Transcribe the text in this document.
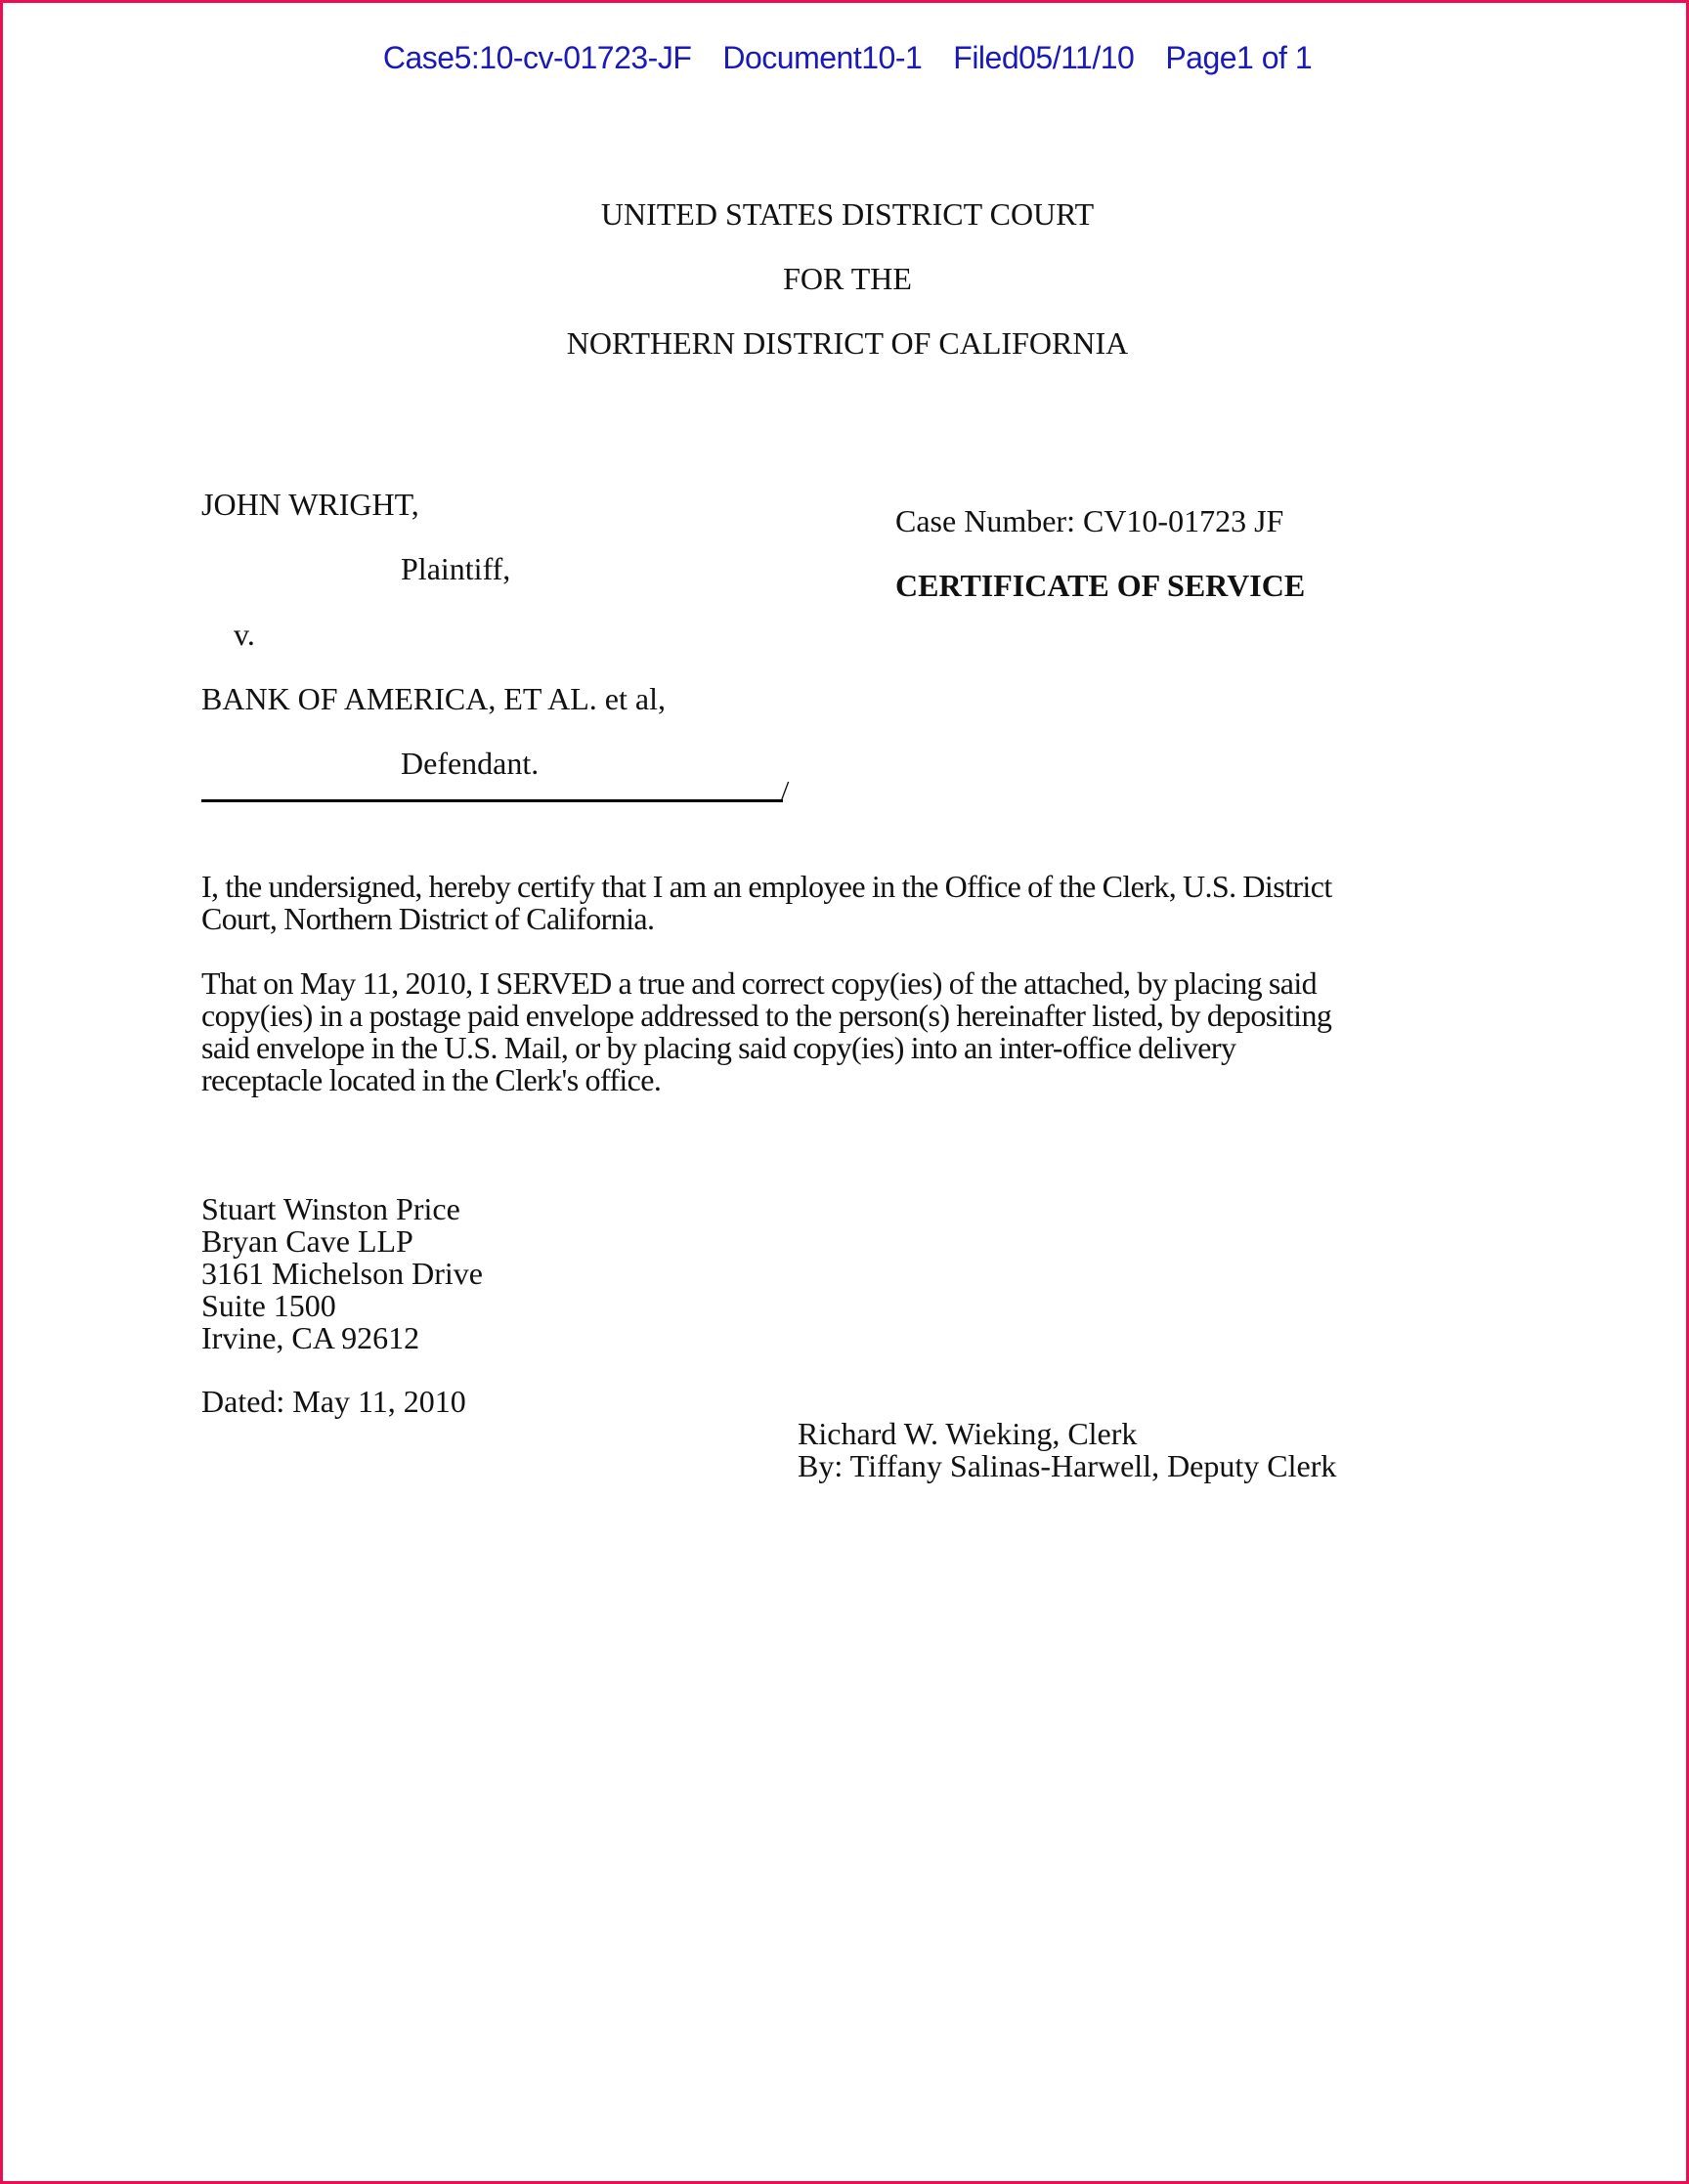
Case5:10-cv-01723-JF Document10-1 Filed05/11/10 Page1 of 1
UNITED STATES DISTRICT COURT
FOR THE
NORTHERN DISTRICT OF CALIFORNIA
JOHN WRIGHT,
Plaintiff,
v.
BANK OF AMERICA, ET AL. et al,
Defendant.
/
Case Number: CV10-01723 JF
CERTIFICATE OF SERVICE
I, the undersigned, hereby certify that I am an employee in the Office of the Clerk, U.S. District
Court, Northern District of California.
That on May 11, 2010, I SERVED a true and correct copy(ies) of the attached, by placing said
copy(ies) in a postage paid envelope addressed to the person(s) hereinafter listed, by depositing
said envelope in the U.S. Mail, or by placing said copy(ies) into an inter-office delivery
receptacle located in the Clerk's office.
Stuart Winston Price
Bryan Cave LLP
3161 Michelson Drive
Suite 1500
Irvine, CA 92612
Dated: May 11, 2010
Richard W. Wieking, Clerk
By: Tiffany Salinas-Harwell, Deputy Clerk
